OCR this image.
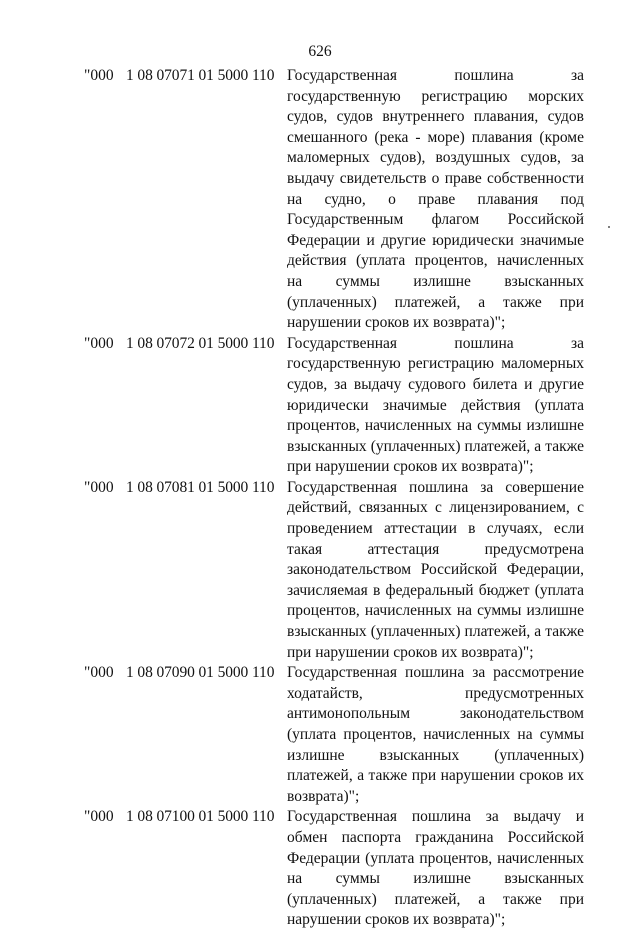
626
"000 1 08 07071 01 5000 110 Государственная пошлина за государственную регистрацию морских судов, судов внутреннего плавания, судов смешанного (река - море) плавания (кроме маломерных судов), воздушных судов, за выдачу свидетельств о праве собственности на судно, о праве плавания под Государственным флагом Российской Федерации и другие юридически значимые действия (уплата процентов, начисленных на суммы излишне взысканных (уплаченных) платежей, а также при нарушении сроков их возврата)";
"000 1 08 07072 01 5000 110 Государственная пошлина за государственную регистрацию маломерных судов, за выдачу судового билета и другие юридически значимые действия (уплата процентов, начисленных на суммы излишне взысканных (уплаченных) платежей, а также при нарушении сроков их возврата)";
"000 1 08 07081 01 5000 110 Государственная пошлина за совершение действий, связанных с лицензированием, с проведением аттестации в случаях, если такая аттестация предусмотрена законодательством Российской Федерации, зачисляемая в федеральный бюджет (уплата процентов, начисленных на суммы излишне взысканных (уплаченных) платежей, а также при нарушении сроков их возврата)";
"000 1 08 07090 01 5000 110 Государственная пошлина за рассмотрение ходатайств, предусмотренных антимонопольным законодательством (уплата процентов, начисленных на суммы излишне взысканных (уплаченных) платежей, а также при нарушении сроков их возврата)";
"000 1 08 07100 01 5000 110 Государственная пошлина за выдачу и обмен паспорта гражданина Российской Федерации (уплата процентов, начисленных на суммы излишне взысканных (уплаченных) платежей, а также при нарушении сроков их возврата)";
